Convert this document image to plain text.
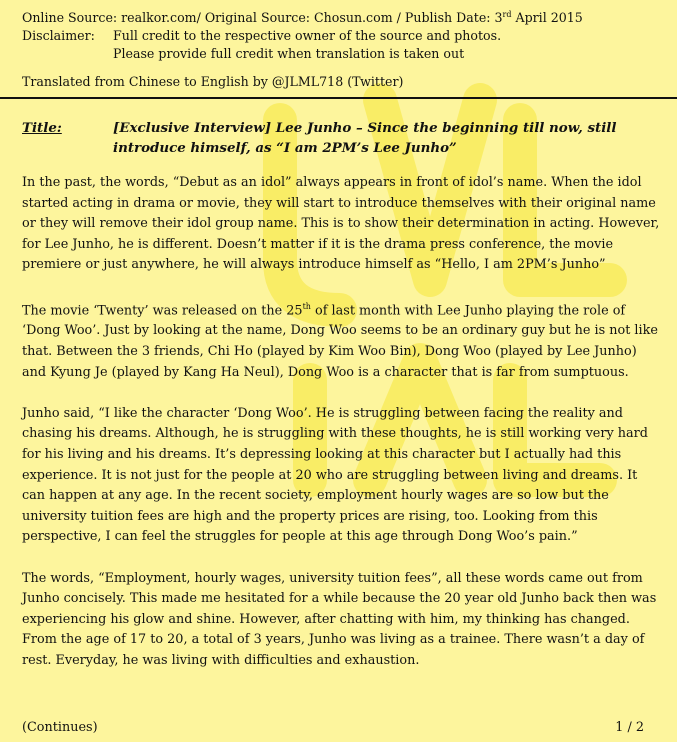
Online Source: realkor.com/ Original Source: Chosun.com / Publish Date: 3rd April 2015
Disclaimer:	Full credit to the respective owner of the source and photos.
Please provide full credit when translation is taken out
Translated from Chinese to English by @JLML718 (Twitter)
Title:	[Exclusive Interview] Lee Junho – Since the beginning till now, still introduce himself, as “I am 2PM’s Lee Junho”

In the past, the words, “Debut as an idol” always appears in front of idol’s name. When the idol started acting in drama or movie, they will start to introduce themselves with their original name or they will remove their idol group name. This is to show their determination in acting. However, for Lee Junho, he is different. Doesn’t matter if it is the drama press conference, the movie premiere or just anywhere, he will always introduce himself as “Hello, I am 2PM’s Junho”

The movie ‘Twenty’ was released on the 25th of last month with Lee Junho playing the role of ‘Dong Woo’. Just by looking at the name, Dong Woo seems to be an ordinary guy but he is not like that. Between the 3 friends, Chi Ho (played by Kim Woo Bin), Dong Woo (played by Lee Junho) and Kyung Je (played by Kang Ha Neul), Dong Woo is a character that is far from sumptuous.

Junho said, “I like the character ‘Dong Woo’. He is struggling between facing the reality and chasing his dreams. Although, he is struggling with these thoughts, he is still working very hard for his living and his dreams. It’s depressing looking at this character but I actually had this experience. It is not just for the people at 20 who are struggling between living and dreams. It can happen at any age. In the recent society, employment hourly wages are so low but the university tuition fees are high and the property prices are rising, too. Looking from this perspective, I can feel the struggles for people at this age through Dong Woo’s pain.”

The words, “Employment, hourly wages, university tuition fees”, all these words came out from Junho concisely. This made me hesitated for a while because the 20 year old Junho back then was experiencing his glow and shine. However, after chatting with him, my thinking has changed. From the age of 17 to 20, a total of 3 years, Junho was living as a trainee. There wasn’t a day of rest. Everyday, he was living with difficulties and exhaustion.

(Continues)	1 / 2
